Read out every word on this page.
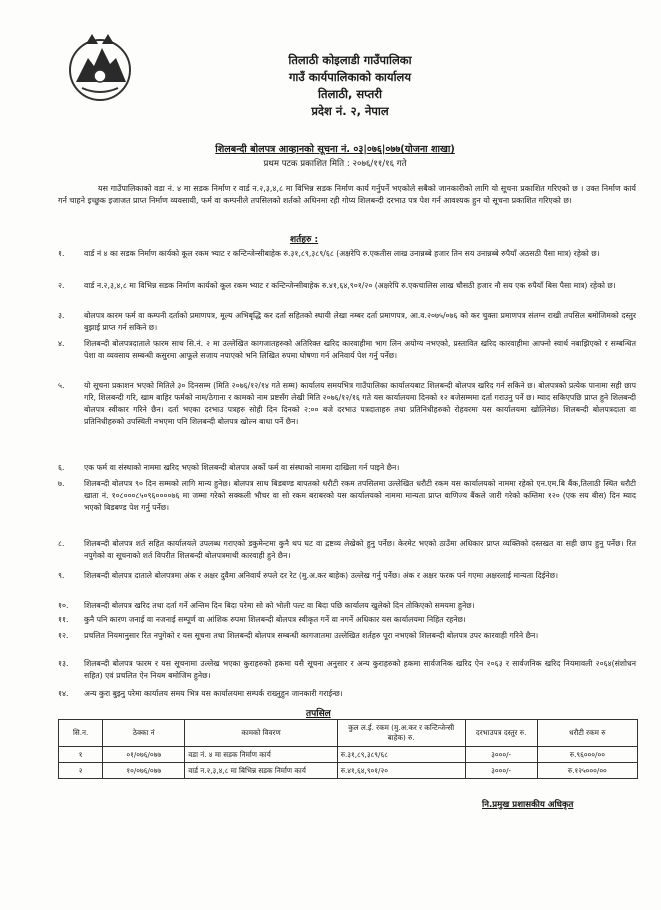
तिलाठी कोइलाडी गाउँपालिका
गाउँ कार्यपालिकाको कार्यालय
तिलाठी, सप्तरी
प्रदेश नं. २, नेपाल
शिलबन्दी बोलपत्र आव्हानको सूचना नं. ०३|०७६|०७७(योजना शाखा)
प्रथम पटक प्रकाशित मिति : २०७६/११/१६ गते
यस गाउँपालिकाको वडा नं. ४ मा सडक निर्माण र वार्ड न.२,३,४,८ मा विभिन्न सडक निर्माण कार्य गर्नुपर्ने भएकोले सबैको जानकारीको लागि यो सूचना प्रकाशित गरिएको छ । उक्त निर्माण कार्य गर्न चाहने इच्छुक इजाजत प्राप्त निर्माण व्यवसायी, फर्म वा कम्पनीले तपसिलको शर्तको अधिनमा रही गोप्य शिलबन्दी दरभाउ पत्र पेश गर्न आवश्यक हुन यो सूचना प्रकाशित गरिएको छ।
शर्तहरु :
१.	वार्ड नं ४ का सडक निर्माण कार्यको कूल रकम भ्याट र कन्टिन्जेन्सीबाहेक रु.३१,८९,३८९/६८ (अक्षरेपि रु.एकतीस लाख उनान्नब्बे हजार तिन सय उनान्नब्बे रुपैयाँ अठसठी पैसा मात्र) रहेको छ।
२.	वार्ड न.२,३,४,८ मा विभिन्न सडक निर्माण कार्यको कूल रकम भ्याट र कन्टिन्जेन्सीबाहेक रु.४१,६४,९०१/२० (अक्षरेपि रु.एकचालिस लाख चौसठी हजार नौ सय एक रुपैयाँ बिस पैसा मात्र) रहेको छ।
३.	बोलपत्र कारम फर्म वा कम्पनी दर्ताको प्रमाणपत्र, मूल्य अभिबृद्धि कर दर्ता सहितको स्थायी लेखा नम्बर दर्ता प्रमाणपत्र, आ.व.२०७५/०७६ को कर चुक्ता प्रमाणपत्र संलग्न राखी तपसिल बमोजिमको दस्तुर बुझाई प्राप्त गर्न सकिने छ।
४.	शिलबन्दी बोलपत्रदाताले फारम साथ सि.नं. २ मा उल्लेखित कागजातहरुको अतिरिक्त खरिद कारवाहीमा भाग लिन अयोग्य नभएको, प्रस्तावित खरिद कारवाहीमा आफ्नो स्वार्थ नबाझिएको र सम्बन्धित पेशा वा व्यवसाय सम्बन्धी कसुरमा आफूले सजाय नपाएको भनि लिखित रुपमा घोषणा गर्न अनिवार्य पेश गर्नु पर्नेछ।
५.	यो सूचना प्रकाशन भएको मितिले ३० दिनसम्म (मिति २०७६/१२/१४ गते सम्म) कार्यालय समयभित्र गाउँपालिका कार्यालयबाट शिलबन्दी बोलपत्र खरिद गर्न सकिने छ। बोलपत्रको प्रत्येक पानामा सही छाप गरि, शिलबन्दी गरि, खाम बाहिर फर्मको नाम/ठेगाना र कामको नाम प्रष्टसँग लेखी मिति २०७६/१२/१६ गते यस कार्यालयमा दिनको १२ बजेसम्ममा दर्ता गराउनु पर्ने छ। म्याद सकिएपछि प्राप्त हुने शिलबन्दी बोलपत्र स्वीकार गरिने छैन। दर्ता भएका दरभाउ पत्रहरु सोही दिन दिनको २:०० बजे दरभाउ पत्रदाताहरु तथा प्रतिनिधीहरुको रोहवरमा यस कार्यालयमा खोलिनेछ। शिलबन्दी बोलपत्रदाता वा प्रतिनिधीहरुको उपस्थिती नभएमा पनि शिलबन्दी बोलपत्र खोल्न बाधा पर्ने छैन।
६.	एक फर्म वा संस्थाको नाममा खरिद भएको शिलबन्दी बोलपत्र अर्को फर्म वा संस्थाको नाममा दाखिला गर्न पाइने छैन।
७.	शिलबन्दी बोलपत्र ९० दिन सम्मको लागि मान्य हुनेछ। बोलपत्र साथ बिडबण्ड बापतको धरौटी रकम तपसिलमा उल्लेखित धरौटी रकम यस कार्यालयको नाममा रहेको एन.एम.बि बैंक,तिलाठी स्थित धरौटी खाता नं. १०८०००८५०९६००००७६ मा जम्मा गरेको सक्कली भौचर वा सो रकम बराबरको यस कार्यालयको नाममा मान्यता प्राप्त वाणिज्य बैंकले जारी गरेको कम्तिमा १२० (एक सय बीस) दिन म्याद भएको बिडबण्ड पेश गर्नु पर्नेछ।
८.	शिलबन्दी बोलपत्र शर्त सहित कार्यालयले उपलब्ध गराएको डकुमेन्टमा कुनै थप घट वा द्रष्टव्य लेखेको हुनु पर्नेछ। केरमेट भएको ठाउँमा अधिकार प्राप्त व्यक्तिको दस्तखत वा सही छाप हुनु पर्नेछ। रित नपुगेको वा सूचनाको शर्त विपरीत शिलबन्दी बोलपत्रमाथी कारवाही हुने छैन।
९.	शिलबन्दी बोलपत्र दाताले बोलपत्रमा अंक र अक्षर दुवैमा अनिवार्य रुपले दर रेट (मु.अ.कर बाहेक) उल्लेख गर्नु पर्नेछ। अंक र अक्षर फरक पर्न गएमा अक्षरलाई मान्यता दिईनेछ।
१०.	शिलबन्दी बोलपत्र खरिद तथा दर्ता गर्ने अन्तिम दिन बिदा परेमा सो को भोली पल्ट वा बिदा पछि कार्यालय खुलेको दिन तोकिएको समयमा हुनेछ।
११.	कुनै पनि कारण जनाई वा नजनाई सम्पूर्ण वा आंशिक रुपमा शिलबन्दी बोलपत्र स्वीकृत गर्ने वा नगर्ने अधिकार यस कार्यालयमा निहित रहनेछ।
१२.	प्रचलित नियमानुसार रित नपुगेको र यस सूचना तथा शिलबन्दी बोलपत्र सम्बन्धी कागजातमा उल्लेखित शर्तहरु पूरा नभएको शिलबन्दी बोलपत्र उपर कारवाही गरिने छैन।
१३.	शिलबन्दी बोलपत्र फारम र यस सूचनामा उल्लेख भएका कुराहरुको हकमा यसै सूचना अनुसार र अन्य कुराहरुको हकमा सार्वजनिक खरिद ऐन २०६३ र सार्वजनिक खरिद नियमावली २०६४(संशोधन सहित) एवं प्रचलित ऐन नियम बमोजिम हुनेछ।
१४.	अन्य कुरा बुझ्नु परेमा कार्यालय समय भित्र यस कार्यालयमा सम्पर्क राख्नुहुन जानकारी गराईन्छ।
तपसिल
सि.न.	ठेक्का नं	कामको विवरण	कुल ल.ई. रकम (मु.अ.कर र कन्टिन्जेन्सी बाहेक) रु.	दरभाउपत्र दस्तुर रु.	धरौटी रकम रु
१	०१/०७६/०७७	वडा नं. ४ मा सडक निर्माण कार्य	रु.३१,८९,३८९/६८	३०००/-	रु.९६०००/००
२	१०/०७६/०७७	वार्ड न.२,३,४,८ मा बिभिन्न सडक निर्माण कार्य	रु.४१,६४,९०१/२०	३०००/-	रु.१२५०००/००
नि.प्रमुख प्रशासकीय अधिकृत
